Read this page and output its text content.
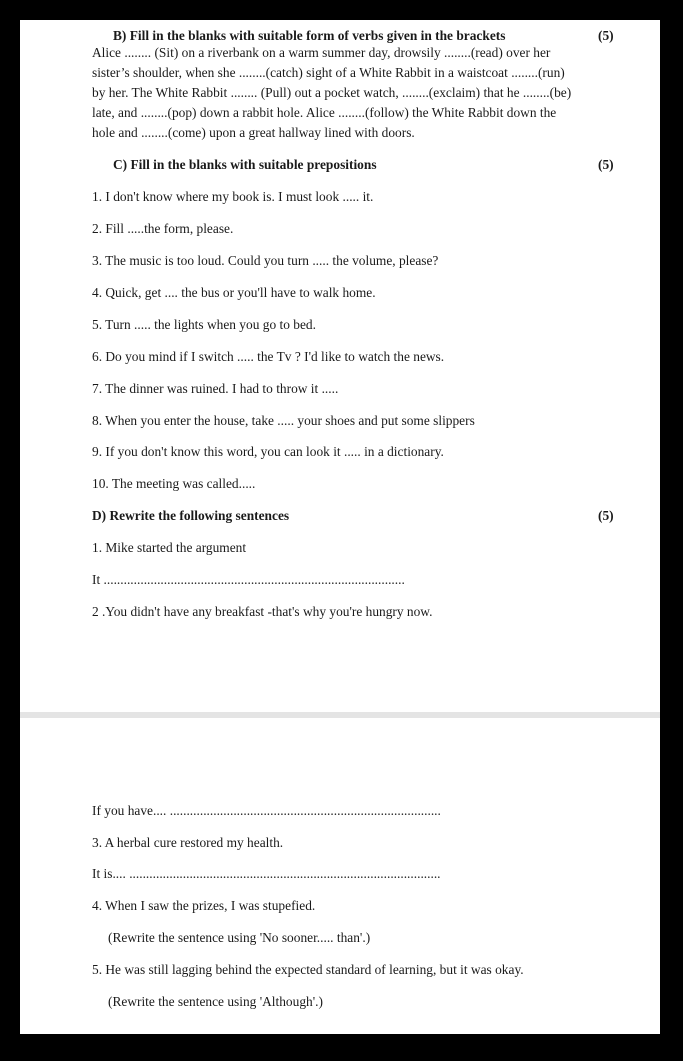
B) Fill in the blanks with suitable form of verbs given in the brackets	(5)
Alice ........ (Sit) on a riverbank on a warm summer day, drowsily ........(read) over her
sister’s shoulder, when she ........(catch) sight of a White Rabbit in a waistcoat ........(run)
by her. The White Rabbit ........ (Pull) out a pocket watch, ........(exclaim) that he ........(be)
late, and ........(pop) down a rabbit hole. Alice ........(follow) the White Rabbit down the
hole and ........(come) upon a great hallway lined with doors.
C) Fill in the blanks with suitable prepositions	(5)
1. I don't know where my book is. I must look ..... it.
2. Fill .....the form, please.
3. The music is too loud. Could you turn ..... the volume, please?
4. Quick, get .... the bus or you'll have to walk home.
5. Turn ..... the lights when you go to bed.
6. Do you mind if I switch ..... the Tv ? I'd like to watch the news.
7. The dinner was ruined. I had to throw it .....
8. When you enter the house, take ..... your shoes and put some slippers
9. If you don't know this word, you can look it ..... in a dictionary.
10. The meeting was called.....
D) Rewrite the following sentences	(5)
1. Mike started the argument
It ..........................................................................................
2 .You didn't have any breakfast -that's why you're hungry now.
If you have.... .................................................................................
3. A herbal cure restored my health.
It is.... .............................................................................................
4. When I saw the prizes, I was stupefied.
(Rewrite the sentence using 'No sooner..... than'.)
5. He was still lagging behind the expected standard of learning, but it was okay.
(Rewrite the sentence using 'Although'.)
